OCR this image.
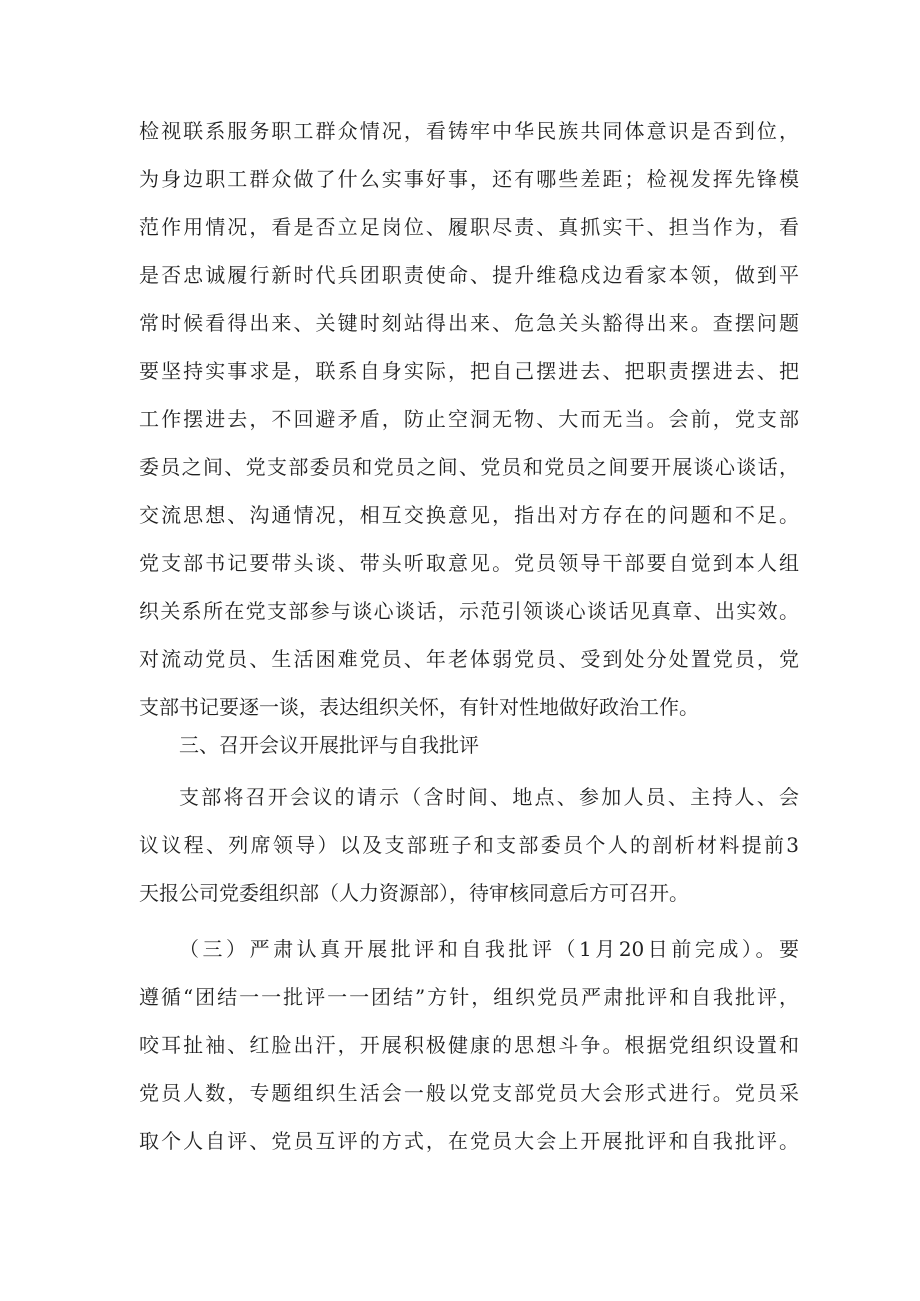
检视联系服务职工群众情况，看铸牢中华民族共同体意识是否到位，
为身边职工群众做了什么实事好事，还有哪些差距；检视发挥先锋模
范作用情况，看是否立足岗位、履职尽责、真抓实干、担当作为，看
是否忠诚履行新时代兵团职责使命、提升维稳戍边看家本领，做到平
常时候看得出来、关键时刻站得出来、危急关头豁得出来。查摆问题
要坚持实事求是，联系自身实际，把自己摆进去、把职责摆进去、把
工作摆进去，不回避矛盾，防止空洞无物、大而无当。会前，党支部
委员之间、党支部委员和党员之间、党员和党员之间要开展谈心谈话，
交流思想、沟通情况，相互交换意见，指出对方存在的问题和不足。
党支部书记要带头谈、带头听取意见。党员领导干部要自觉到本人组
织关系所在党支部参与谈心谈话，示范引领谈心谈话见真章、出实效。
对流动党员、生活困难党员、年老体弱党员、受到处分处置党员，党
支部书记要逐一谈，表达组织关怀，有针对性地做好政治工作。
三、召开会议开展批评与自我批评
支部将召开会议的请示（含时间、地点、参加人员、主持人、会
议议程、列席领导）以及支部班子和支部委员个人的剖析材料提前3
天报公司党委组织部（人力资源部），待审核同意后方可召开。
（三）严肃认真开展批评和自我批评（1月20日前完成）。要
遵循“团结一一批评一一团结”方针，组织党员严肃批评和自我批评，
咬耳扯袖、红脸出汗，开展积极健康的思想斗争。根据党组织设置和
党员人数，专题组织生活会一般以党支部党员大会形式进行。党员采
取个人自评、党员互评的方式，在党员大会上开展批评和自我批评。
